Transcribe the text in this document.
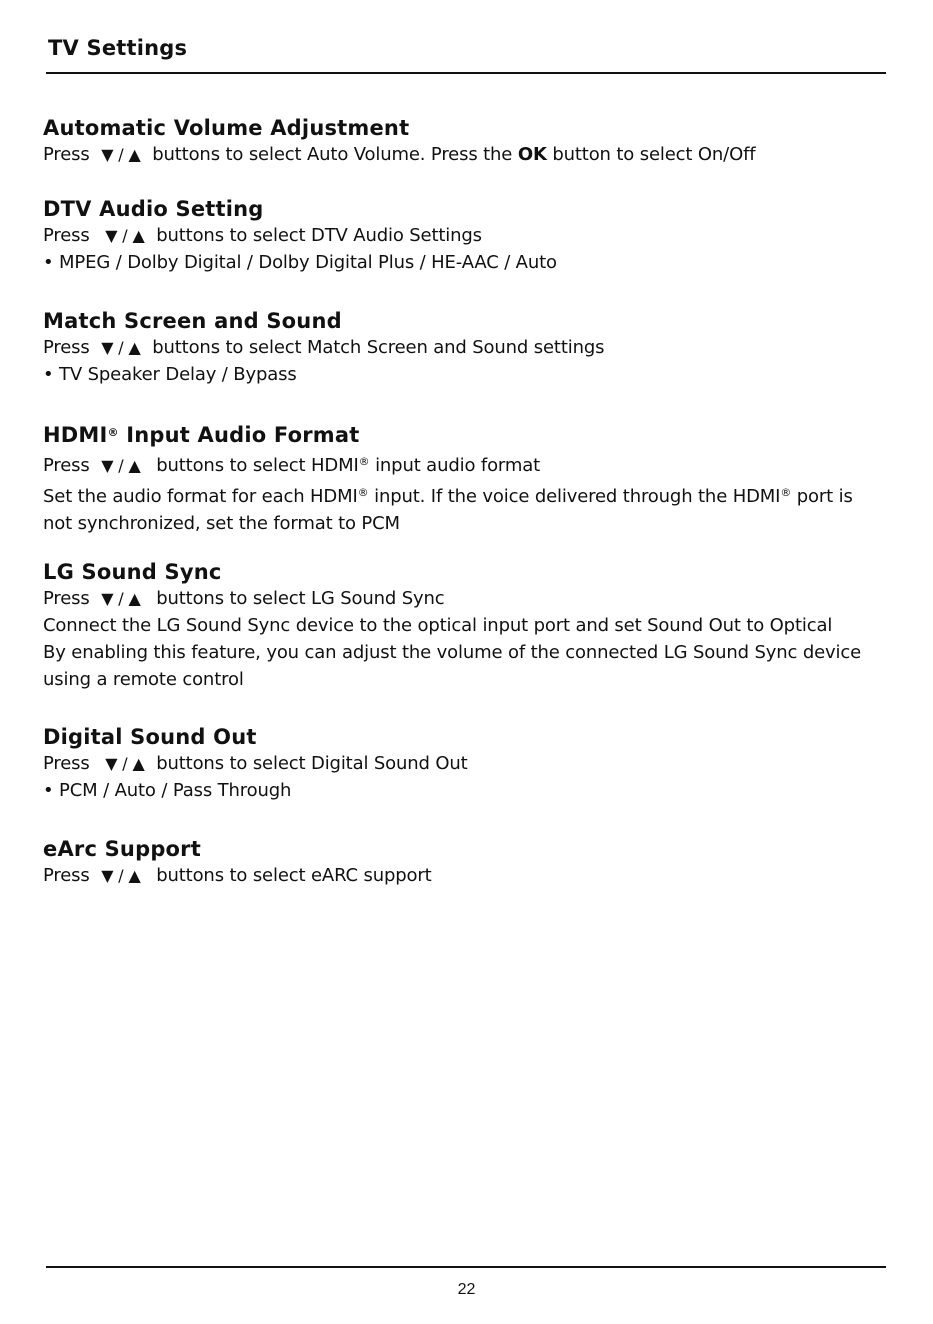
TV Settings
Automatic Volume Adjustment
Press ▼ / ▲ buttons to select Auto Volume. Press the OK button to select On/Off
DTV Audio Setting
Press ▼ / ▲ buttons to select DTV Audio Settings
• MPEG / Dolby Digital / Dolby Digital Plus / HE-AAC / Auto
Match Screen and Sound
Press ▼ / ▲ buttons to select Match Screen and Sound settings
• TV Speaker Delay / Bypass
HDMI® Input Audio Format
Press ▼ / ▲ buttons to select HDMI® input audio format
Set the audio format for each HDMI® input. If the voice delivered through the HDMI® port is
not synchronized, set the format to PCM
LG Sound Sync
Press ▼ / ▲ buttons to select LG Sound Sync
Connect the LG Sound Sync device to the optical input port and set Sound Out to Optical
By enabling this feature, you can adjust the volume of the connected LG Sound Sync device
using a remote control
Digital Sound Out
Press ▼ / ▲ buttons to select Digital Sound Out
• PCM / Auto / Pass Through
eArc Support
Press ▼ / ▲ buttons to select eARC support
22
